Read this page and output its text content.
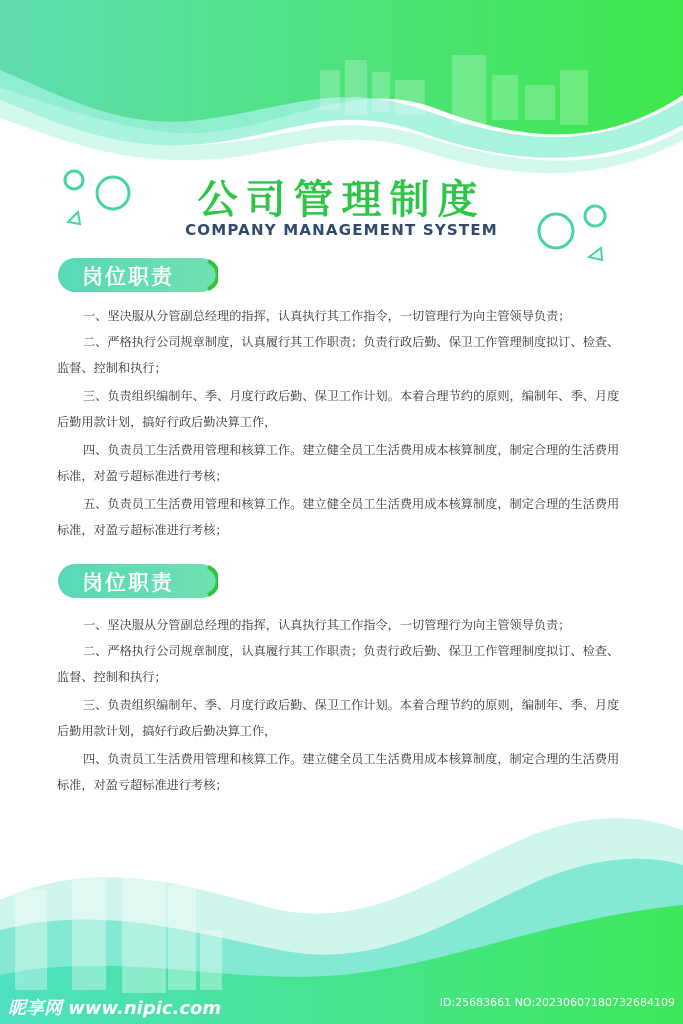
公司管理制度
COMPANY MANAGEMENT SYSTEM
岗位职责

一、坚决服从分管副总经理的指挥，认真执行其工作指令，一切管理行为向主管领导负责；

二、严格执行公司规章制度，认真履行其工作职责；负责行政后勤、保卫工作管理制度拟订、检查、监督、控制和执行；

三、负责组织编制年、季、月度行政后勤、保卫工作计划。本着合理节约的原则，编制年、季、月度后勤用款计划，搞好行政后勤决算工作，

四、负责员工生活费用管理和核算工作。建立健全员工生活费用成本核算制度，制定合理的生活费用标准，对盈亏超标准进行考核；

五、负责员工生活费用管理和核算工作。建立健全员工生活费用成本核算制度，制定合理的生活费用标准，对盈亏超标准进行考核；

岗位职责

一、坚决服从分管副总经理的指挥，认真执行其工作指令，一切管理行为向主管领导负责；

二、严格执行公司规章制度，认真履行其工作职责；负责行政后勤、保卫工作管理制度拟订、检查、监督、控制和执行；

三、负责组织编制年、季、月度行政后勤、保卫工作计划。本着合理节约的原则，编制年、季、月度后勤用款计划，搞好行政后勤决算工作，

四、负责员工生活费用管理和核算工作。建立健全员工生活费用成本核算制度，制定合理的生活费用标准，对盈亏超标准进行考核；

昵享网 www.nipic.com	ID:25683661 NO:20230607180732684109
